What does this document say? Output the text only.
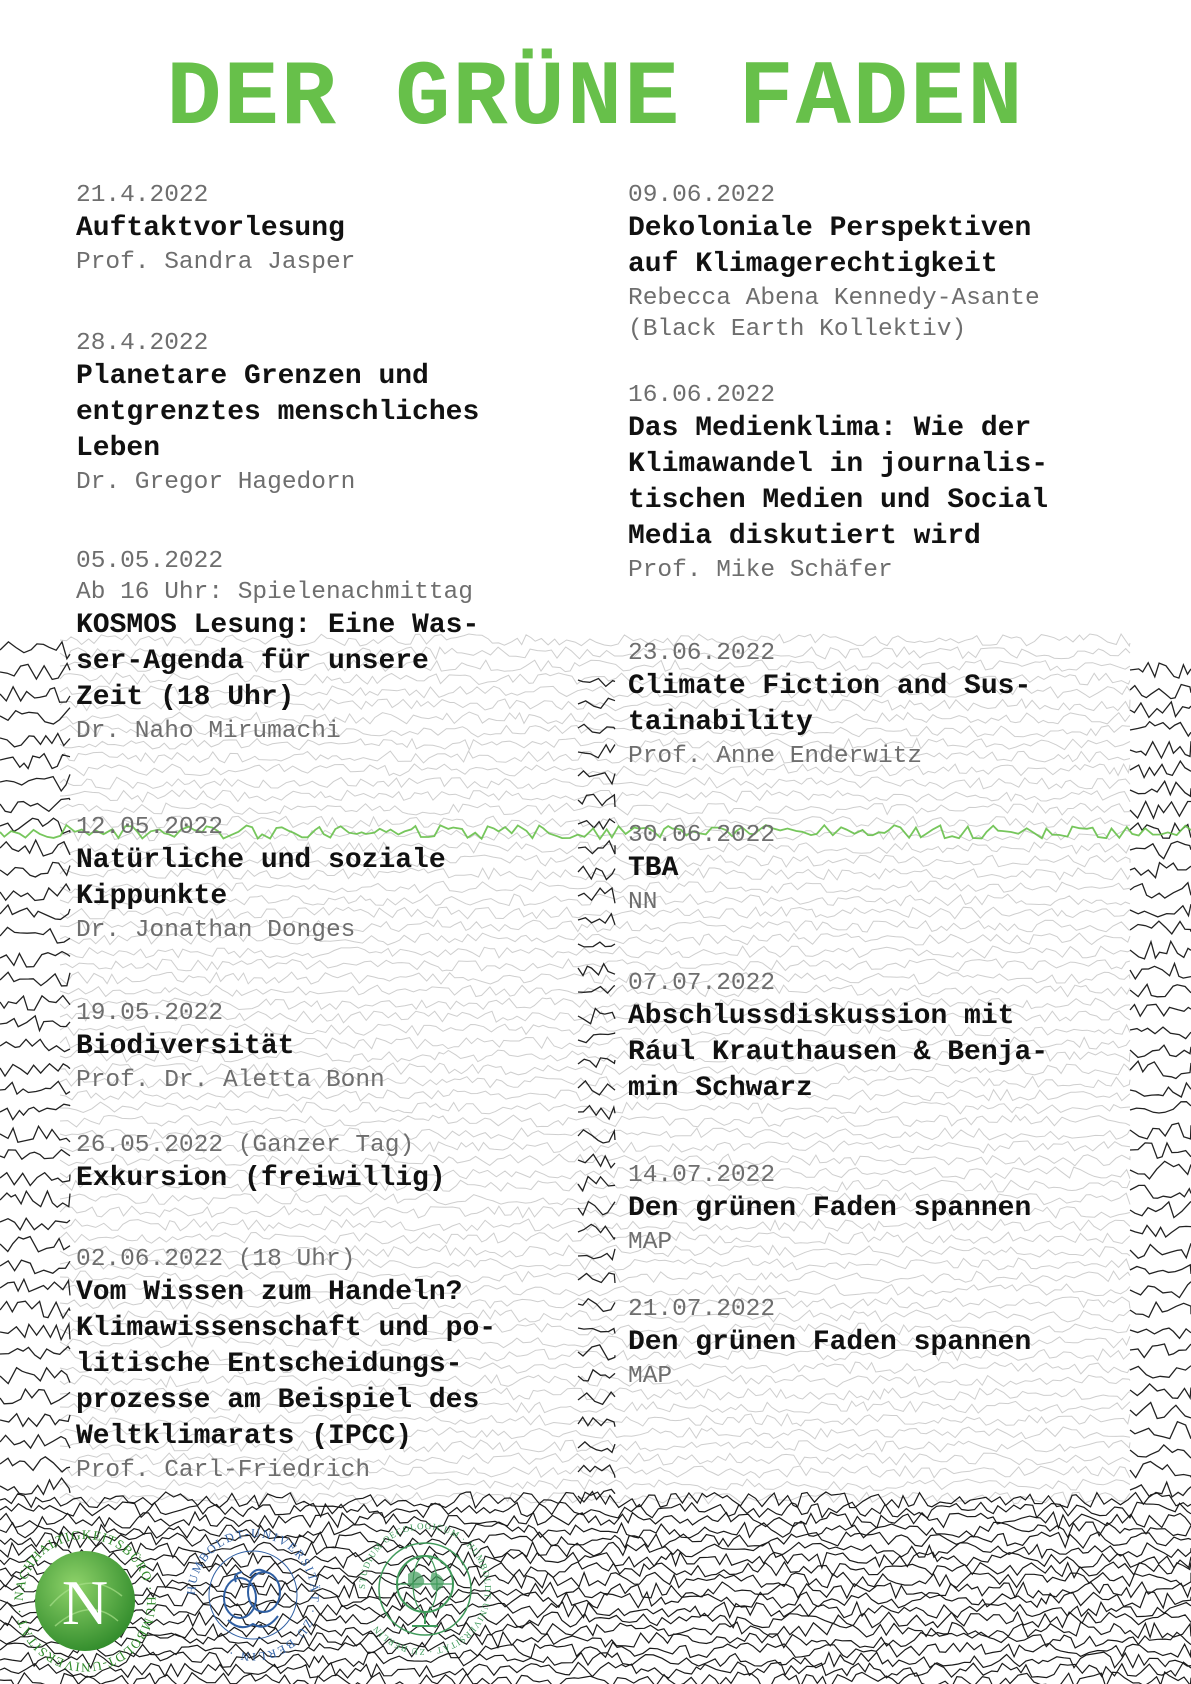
DER GRÜNE FADEN
21.4.2022
Auftaktvorlesung
Prof. Sandra Jasper
28.4.2022
Planetare Grenzen und
entgrenztes menschliches
Leben
Dr. Gregor Hagedorn
05.05.2022
Ab 16 Uhr: Spielenachmittag
KOSMOS Lesung: Eine Was-
ser-Agenda für unsere
Zeit (18 Uhr)
Dr. Naho Mirumachi
12.05.2022
Natürliche und soziale
Kippunkte
Dr. Jonathan Donges
19.05.2022
Biodiversität
Prof. Dr. Aletta Bonn
26.05.2022 (Ganzer Tag)
Exkursion (freiwillig)
02.06.2022 (18 Uhr)
Vom Wissen zum Handeln?
Klimawissenschaft und po-
litische Entscheidungs-
prozesse am Beispiel des
Weltklimarats (IPCC)
Prof. Carl-Friedrich
09.06.2022
Dekoloniale Perspektiven
auf Klimagerechtigkeit
Rebecca Abena Kennedy-Asante
(Black Earth Kollektiv)
16.06.2022
Das Medienklima: Wie der
Klimawandel in journalis-
tischen Medien und Social
Media diskutiert wird
Prof. Mike Schäfer
23.06.2022
Climate Fiction and Sus-
tainability
Prof. Anne Enderwitz
30.06.2022
TBA
NN
07.07.2022
Abschlussdiskussion mit
Rául Krauthausen & Benja-
min Schwarz
14.07.2022
Den grünen Faden spannen
MAP
21.07.2022
Den grünen Faden spannen
MAP
N
NACHHALTIGKEITSBÜRO · HUMBOLDT-UNIVERSITÄT ·
HUMBOLDT-UNIVERSITÄT · ZU BERLIN ·
STUDIUM OECOLOGICUM · HUMBOLDT-UNIVERSITÄT · ZU BERLIN ·
